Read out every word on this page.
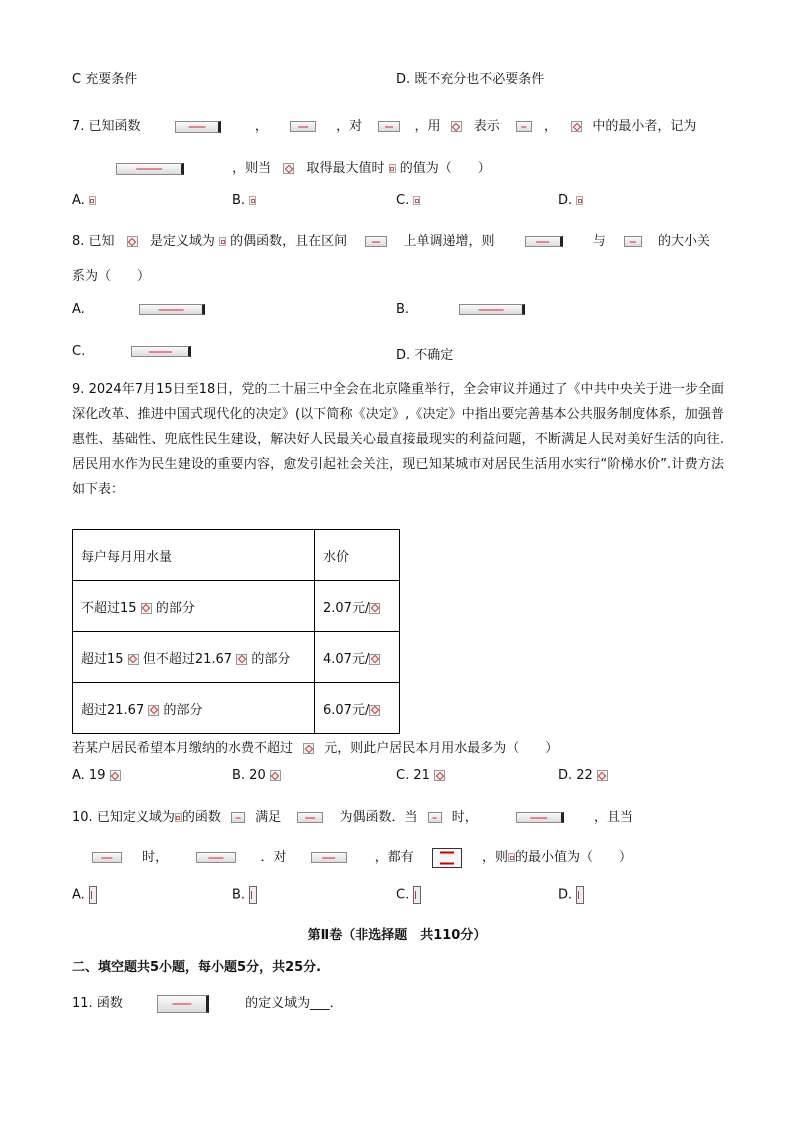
C 充要条件	D. 既不充分也不必要条件
7. 已知函数	，	，对	，用	表示	，	中的最小者，记为
，则当	取得最大值时 的值为（　　）
A.	B.	C.	D.
8. 已知	是定义域为 的偶函数，且在区间	上单调递增，则	与	的大小关
系为（　　）
A.	B.
C.	D. 不确定
9. 2024年7月15日至18日，党的二十届三中全会在北京隆重举行，全会审议并通过了《中共中央关于进一步全面深化改革、推进中国式现代化的决定》(以下简称《决定》,《决定》中指出要完善基本公共服务制度体系，加强普惠性、基础性、兜底性民生建设，解决好人民最关心最直接最现实的利益问题，不断满足人民对美好生活的向往.居民用水作为民生建设的重要内容，愈发引起社会关注，现已知某城市对居民生活用水实行“阶梯水价”.计费方法如下表：
每户每月用水量	水价
不超过15 的部分	2.07元/
超过15 但不超过21.67 的部分	4.07元/
超过21.67 的部分	6.07元/
若某户居民希望本月缴纳的水费不超过 元，则此户居民本月用水最多为（　　）
A. 19	B. 20	C. 21	D. 22
10. 已知定义域为 的函数	满足	为偶函数．当	时，	，且当
时，	．对	，都有	，则 的最小值为（　　）
A.	B.	C.	D.
第Ⅱ卷（非选择题　共110分）
二、填空题共5小题，每小题5分，共25分.
11. 函数	的定义域为___．
